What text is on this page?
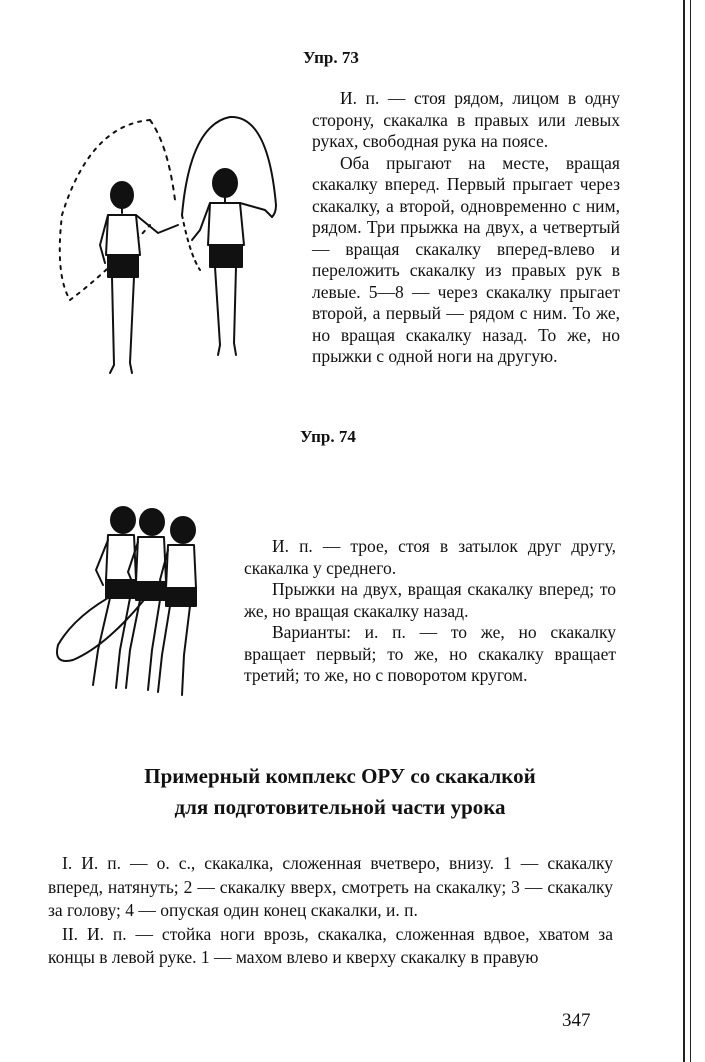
Упр. 73

И. п. — стоя рядом, лицом в одну сторону, скакалка в правых или левых руках, свободная рука на поясе.

Оба прыгают на месте, вращая скакалку вперед. Первый прыгает через скакалку, а второй, одновременно с ним, рядом. Три прыжка на двух, а четвертый — вращая скакалку вперед-влево и переложить скакалку из правых рук в левые. 5—8 — через скакалку прыгает второй, а первый — рядом с ним. То же, но вращая скакалку назад. То же, но прыжки с одной ноги на другую.

Упр. 74

И. п. — трое, стоя в затылок друг другу, скакалка у среднего.

Прыжки на двух, вращая скакалку вперед; то же, но вращая скакалку назад.

Варианты: и. п. — то же, но скакалку вращает первый; то же, но скакалку вращает третий; то же, но с поворотом кругом.

Примерный комплекс ОРУ со скакалкой
для подготовительной части урока

I. И. п. — о. с., скакалка, сложенная вчетверо, внизу. 1 — скакалку вперед, натянуть; 2 — скакалку вверх, смотреть на скакалку; 3 — скакалку за голову; 4 — опуская один конец скакалки, и. п.

II. И. п. — стойка ноги врозь, скакалка, сложенная вдвое, хватом за концы в левой руке. 1 — махом влево и кверху скакалку в правую

347
